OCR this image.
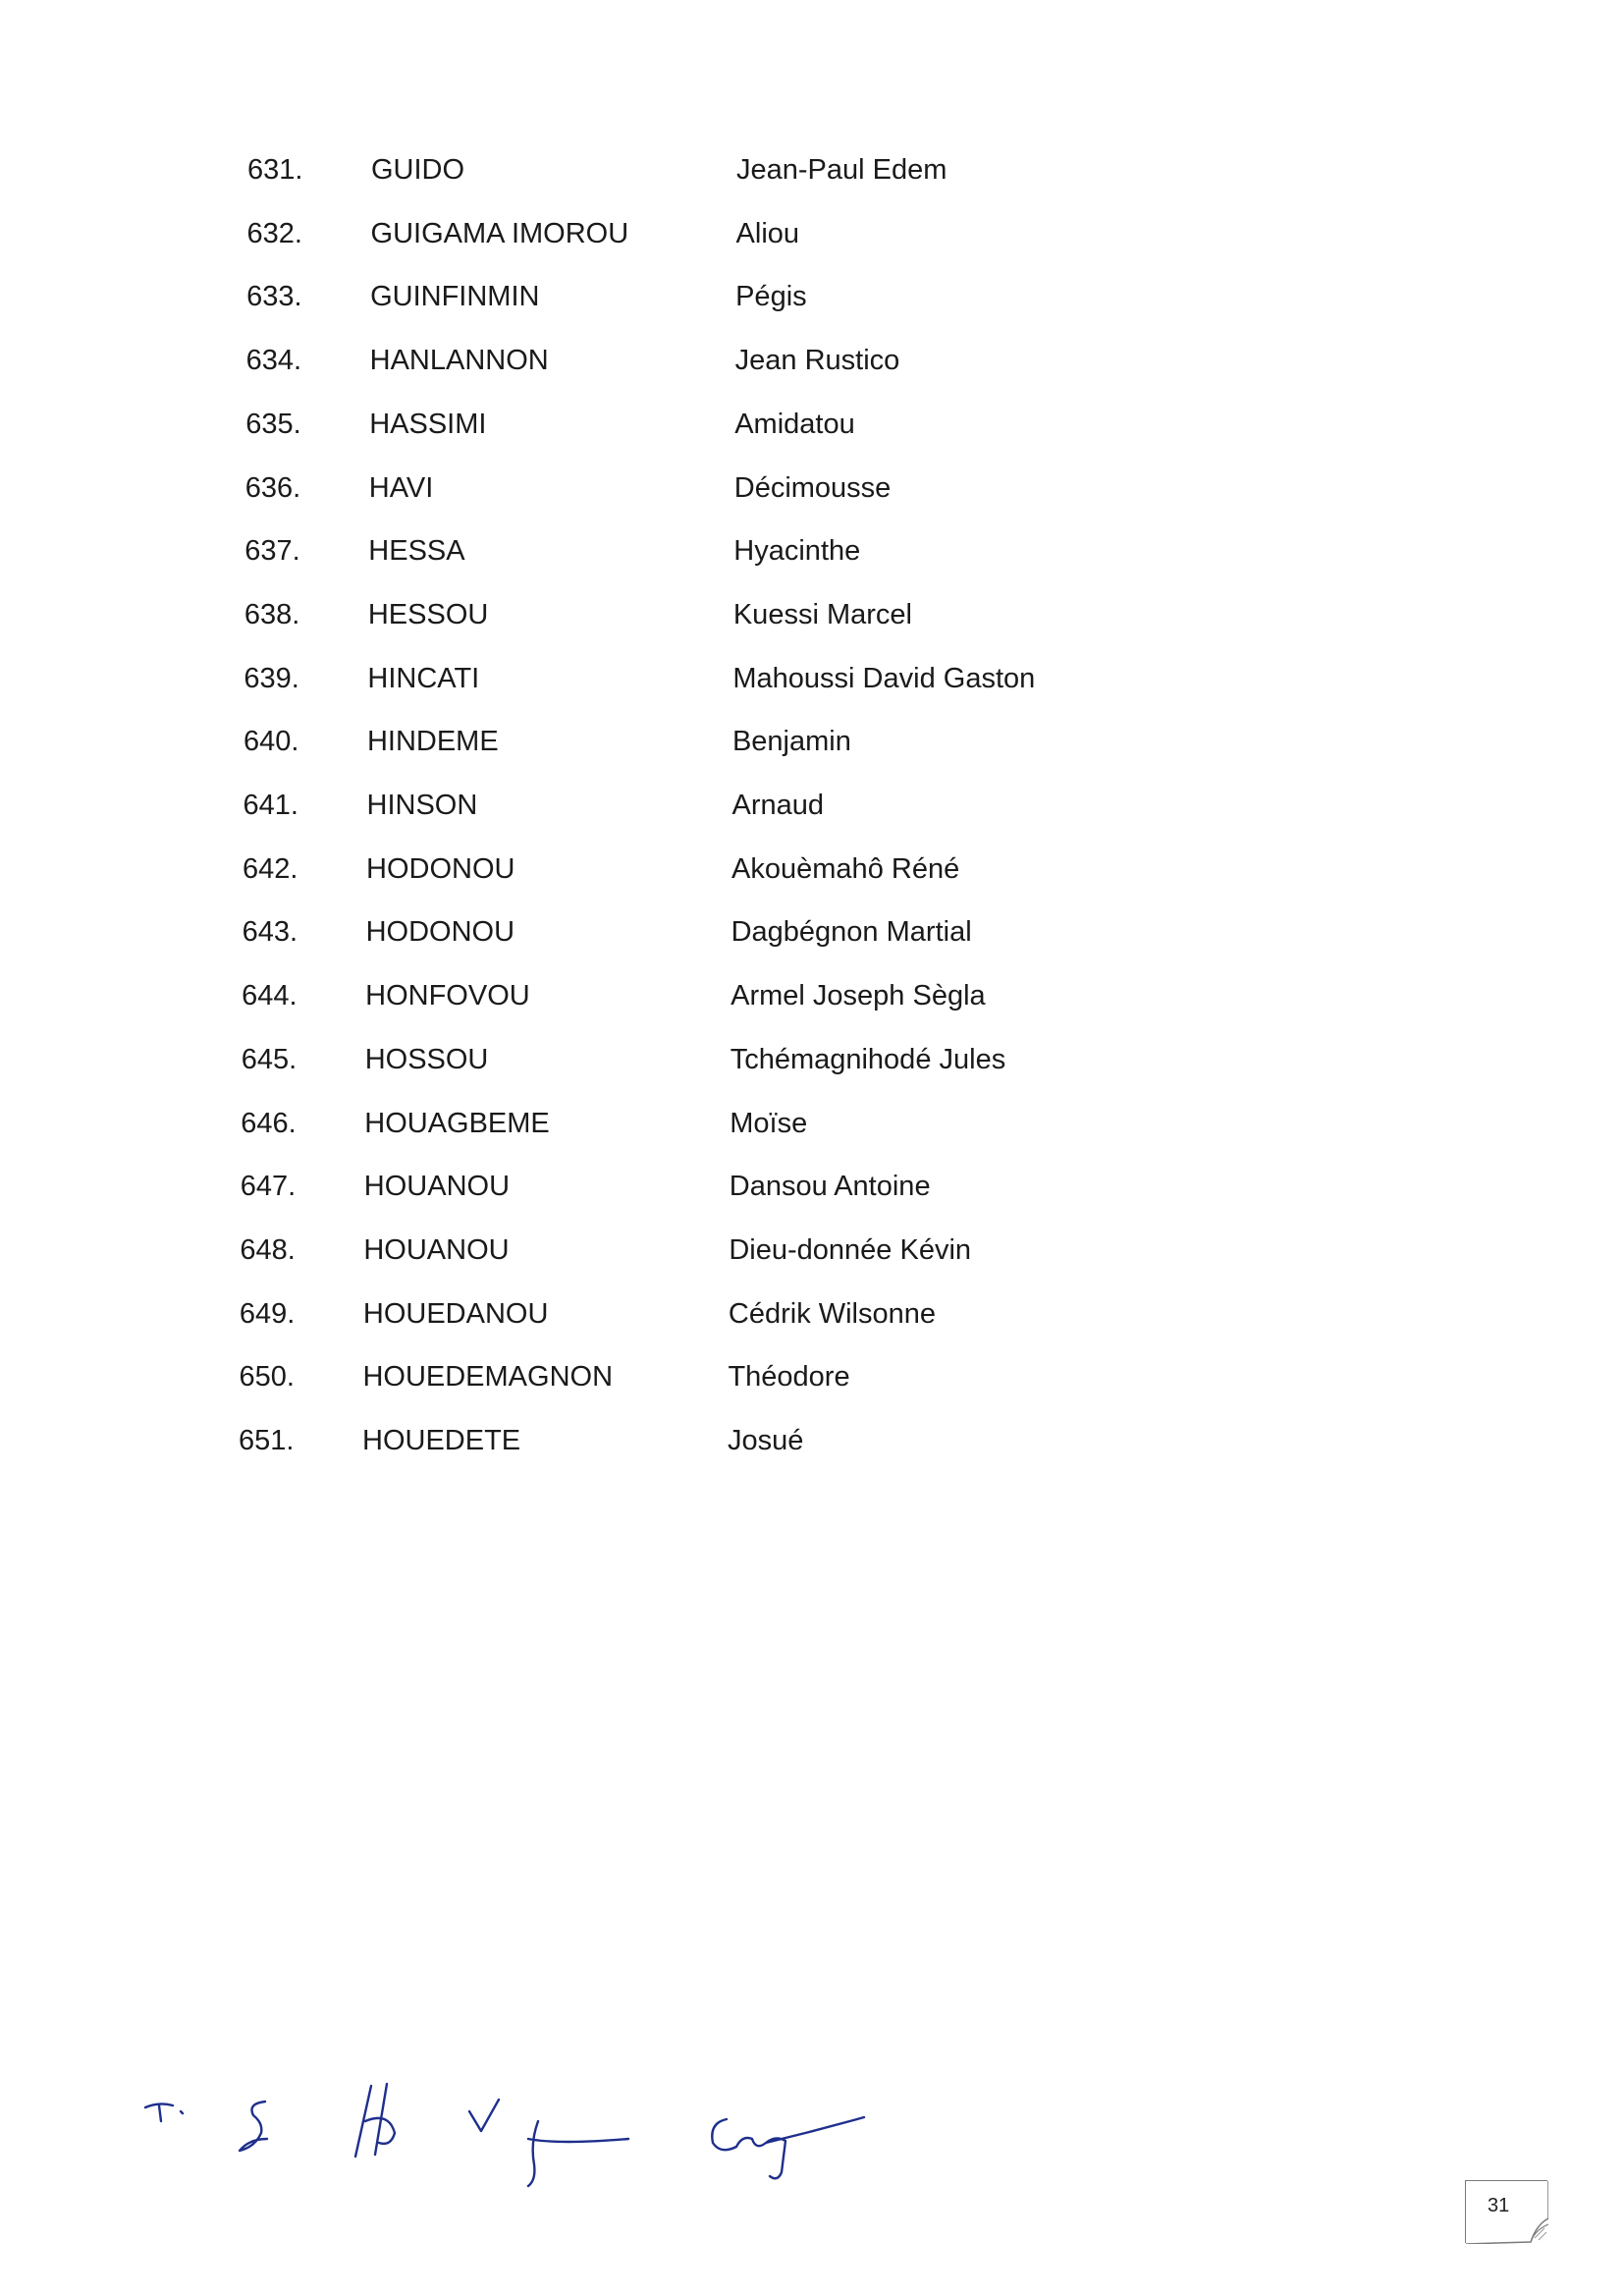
631. GUIDO	Jean-Paul Edem
632. GUIGAMA IMOROU	Aliou
633. GUINFINMIN	Pégis
634. HANLANNON	Jean Rustico
635. HASSIMI	Amidatou
636. HAVI	Décimousse
637. HESSA	Hyacinthe
638. HESSOU	Kuessi Marcel
639. HINCATI	Mahoussi David Gaston
640. HINDEME	Benjamin
641. HINSON	Arnaud
642. HODONOU	Akouèmahô Réné
643. HODONOU	Dagbégnon Martial
644. HONFOVOU	Armel Joseph Sègla
645. HOSSOU	Tchémagnihodé Jules
646. HOUAGBEME	Moïse
647. HOUANOU	Dansou Antoine
648. HOUANOU	Dieu-donnée Kévin
649. HOUEDANOU	Cédrik Wilsonne
650. HOUEDEMAGNON	Théodore
651. HOUEDETE	Josué
31
